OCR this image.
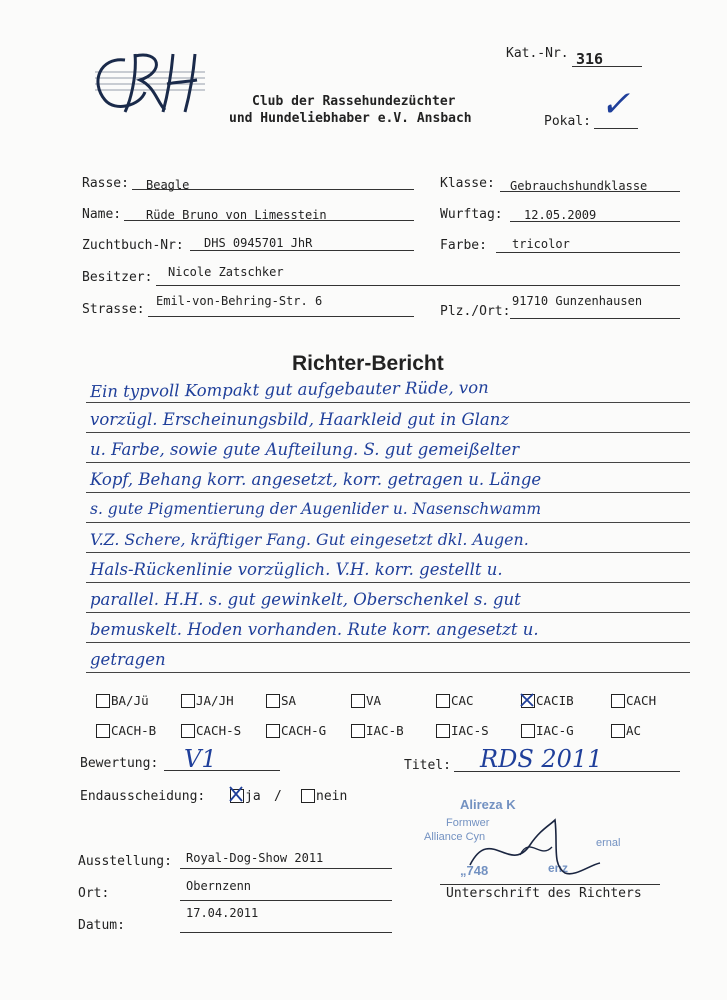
CRH
Club der Rassehundezüchter
und Hundeliebhaber e.V. Ansbach
Kat.-Nr. 316
Pokal: ✓
Rasse: Beagle	Klasse: Gebrauchshundklasse
Name: Rüde Bruno von Limesstein	Wurftag: 12.05.2009
Zuchtbuch-Nr: DHS 0945701 JhR	Farbe: tricolor
Besitzer: Nicole Zatschker
Strasse:
Emil-von-Behring-Str. 6
Plz./Ort:
91710 Gunzenhausen
Richter-Bericht
Ein typvoll Kompakt gut aufgebauter Rüde, von
vorzügl. Erscheinungsbild, Haarkleid gut in Glanz
u. Farbe, sowie gute Aufteilung. S. gut gemeißelter
Kopf, Behang korr. angesetzt, korr. getragen u. Länge
s. gute Pigmentierung der Augenlider u. Nasenschwamm
V.Z. Schere, kräftiger Fang. Gut eingesetzt dkl. Augen.
Hals-Rückenlinie vorzüglich. V.H. korr. gestellt u.
parallel. H.H. s. gut gewinkelt, Oberschenkel s. gut
bemuskelt. Hoden vorhanden. Rute korr. angesetzt u.
getragen
BA/Jü	JA/JH	SA	VA	CAC	CACIB	CACH
CACH-B	CACH-S	CACH-G	IAC-B	IAC-S	IAC-G	AC
Bewertung: V1	Titel: RDS 2011
Endausscheidung:	ja /	nein
Ausstellung: Royal-Dog-Show 2011
Ort:	Obernzenn
Datum:
17.04.2011
Alireza K
Formwer
Alliance Cyn	ernal
„748	enz
Unterschrift des Richters
